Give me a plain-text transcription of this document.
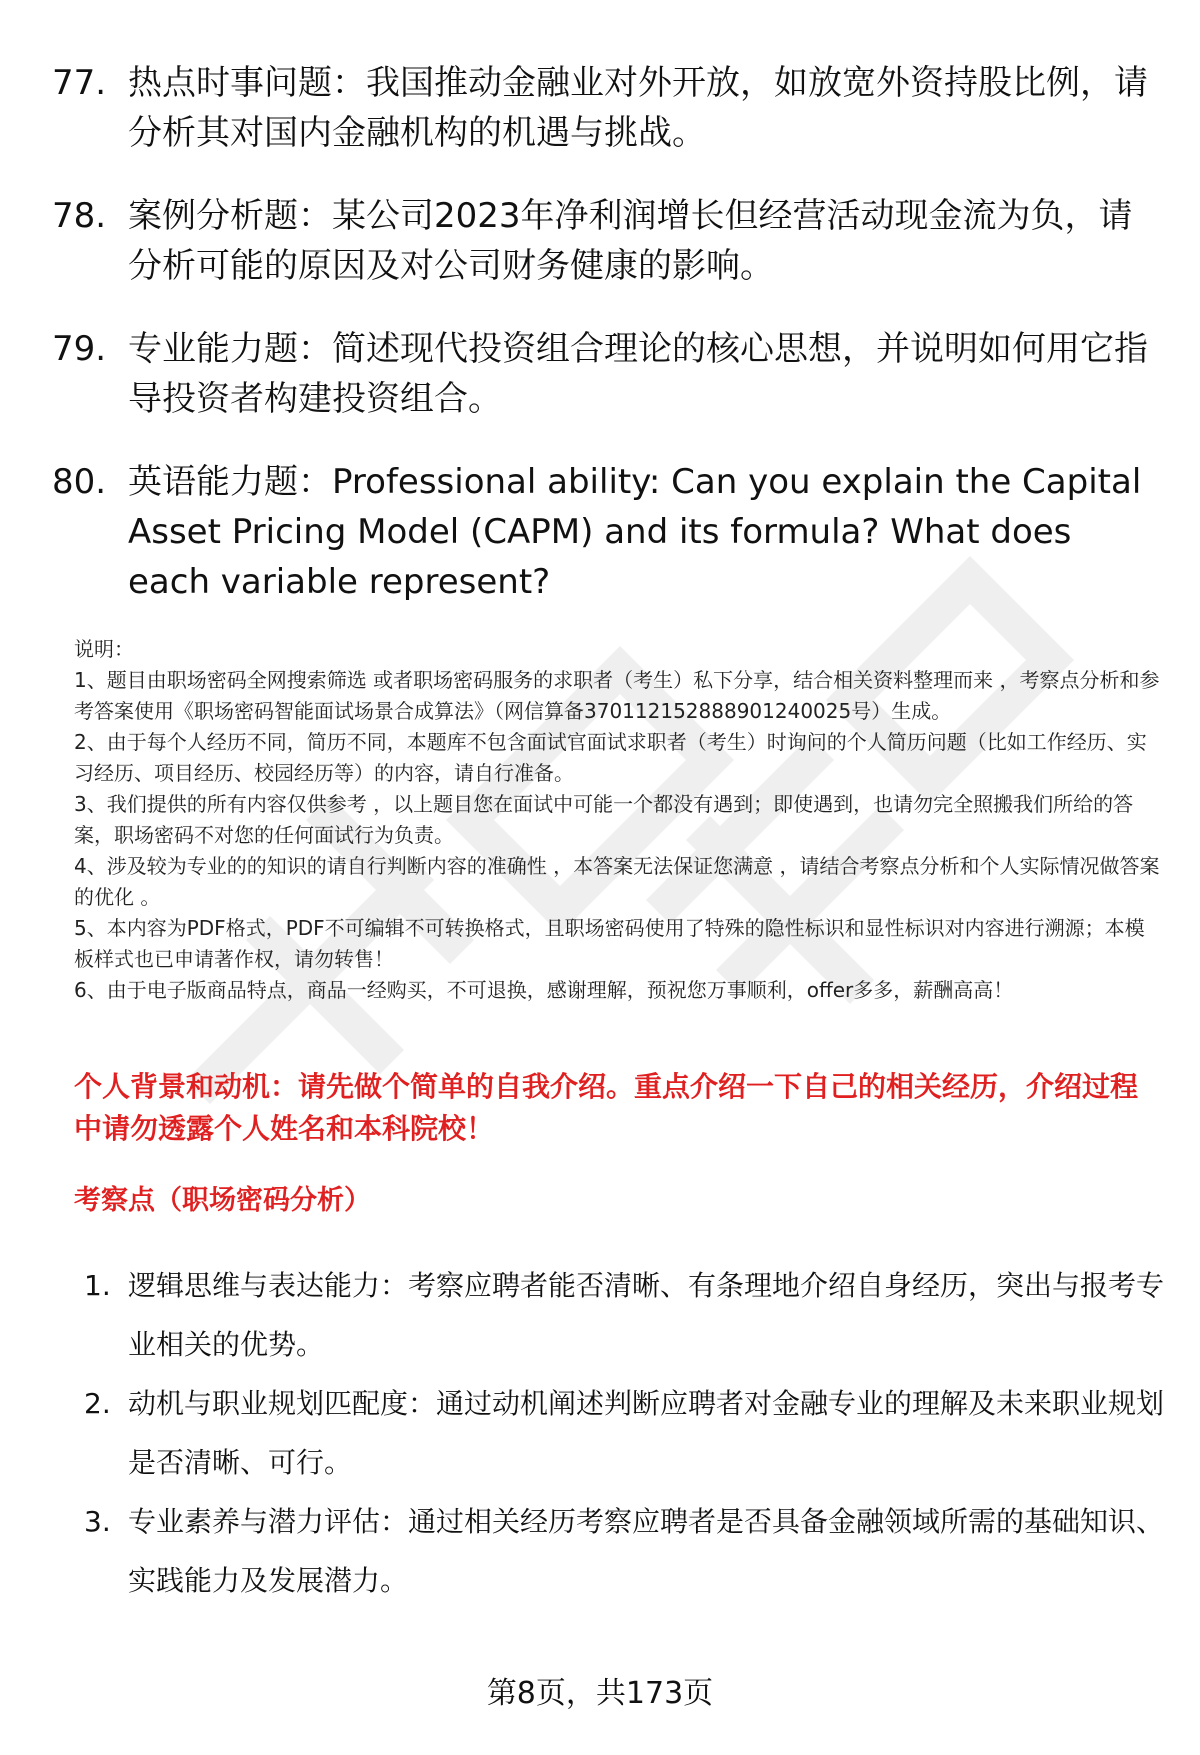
77. 热点时事问题：我国推动金融业对外开放，如放宽外资持股比例，请分析其对国内金融机构的机遇与挑战。
78. 案例分析题：某公司2023年净利润增长但经营活动现金流为负，请分析可能的原因及对公司财务健康的影响。
79. 专业能力题：简述现代投资组合理论的核心思想，并说明如何用它指导投资者构建投资组合。
80. 英语能力题：Professional ability: Can you explain the Capital Asset Pricing Model (CAPM) and its formula? What does each variable represent?

说明：

1、题目由职场密码全网搜索筛选 或者职场密码服务的求职者（考生）私下分享，结合相关资料整理而来 ，考察点分析和参考答案使用《职场密码智能面试场景合成算法》（网信算备370112152888901240025号）生成。

2、由于每个人经历不同，简历不同，本题库不包含面试官面试求职者（考生）时询问的个人简历问题（比如工作经历、实习经历、项目经历、校园经历等）的内容，请自行准备。

3、我们提供的所有内容仅供参考 ，以上题目您在面试中可能一个都没有遇到；即使遇到，也请勿完全照搬我们所给的答案，职场密码不对您的任何面试行为负责。

4、涉及较为专业的的知识的请自行判断内容的准确性 ，本答案无法保证您满意 ，请结合考察点分析和个人实际情况做答案的优化 。

5、本内容为PDF格式，PDF不可编辑不可转换格式，且职场密码使用了特殊的隐性标识和显性标识对内容进行溯源；本模板样式也已申请著作权，请勿转售！

6、由于电子版商品特点，商品一经购买，不可退换，感谢理解，预祝您万事顺利，offer多多，薪酬高高！

个人背景和动机：请先做个简单的自我介绍。重点介绍一下自己的相关经历，介绍过程中请勿透露个人姓名和本科院校！
考察点（职场密码分析）
1. 逻辑思维与表达能力：考察应聘者能否清晰、有条理地介绍自身经历，突出与报考专业相关的优势。
2. 动机与职业规划匹配度：通过动机阐述判断应聘者对金融专业的理解及未来职业规划是否清晰、可行。
3. 专业素养与潜力评估：通过相关经历考察应聘者是否具备金融领域所需的基础知识、实践能力及发展潜力。
第8页，共173页
